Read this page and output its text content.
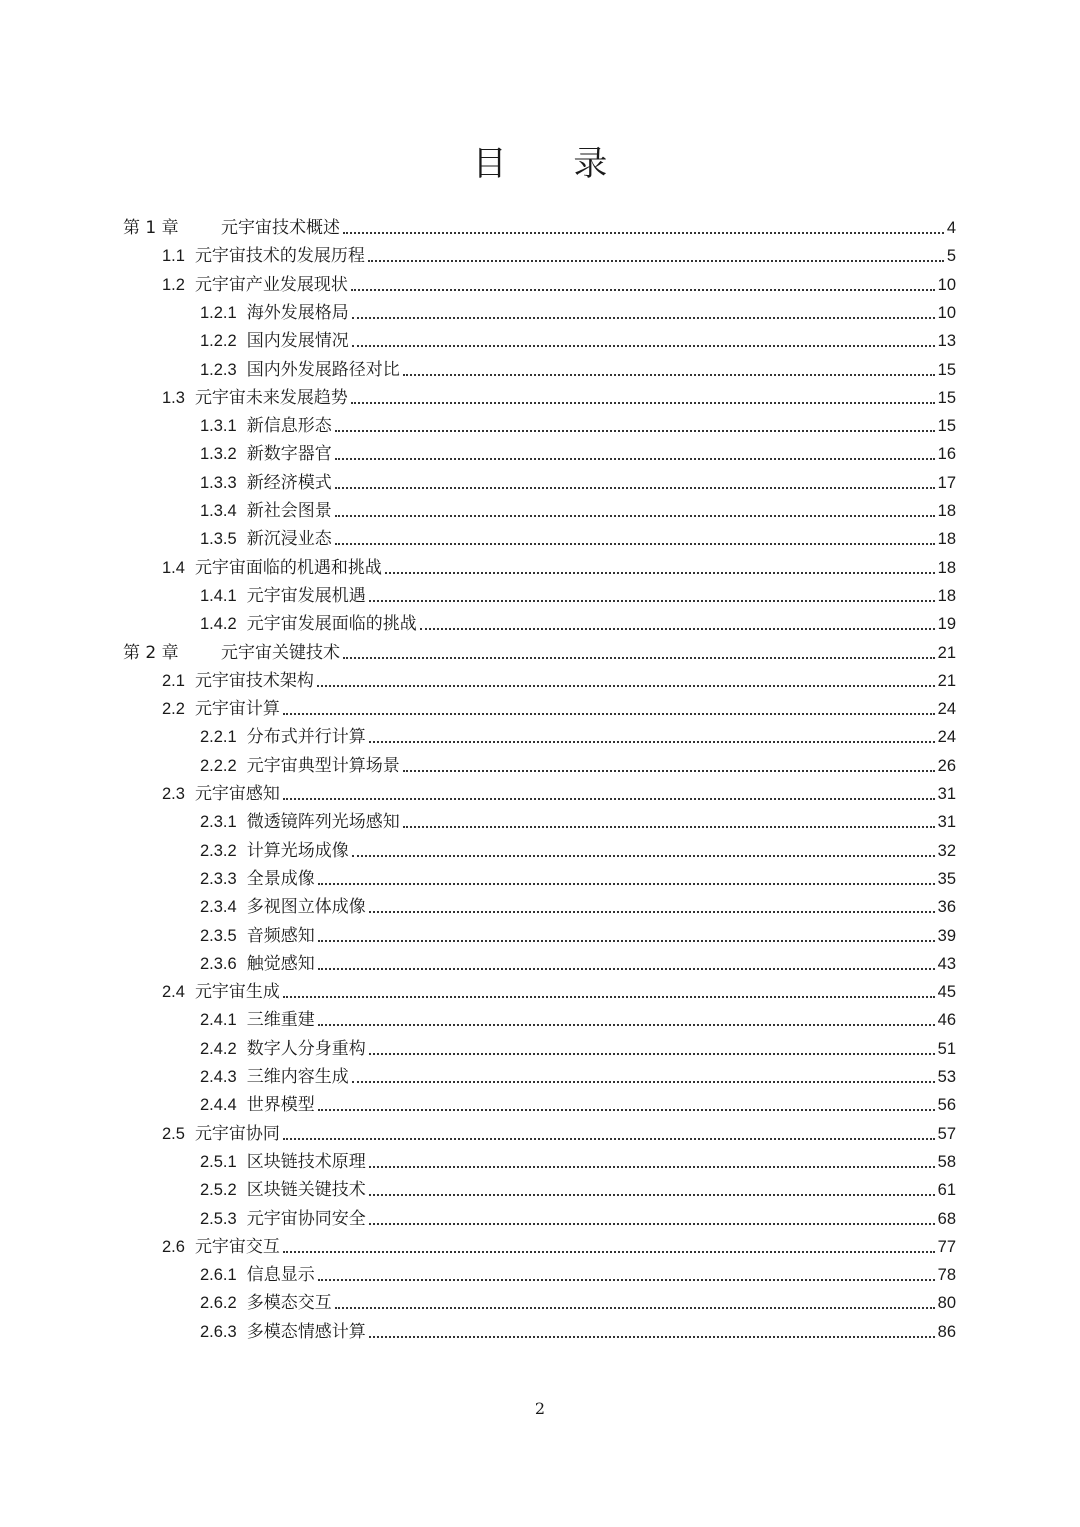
目 录
第 1 章	元宇宙技术概述	4
1.1 元宇宙技术的发展历程	5
1.2 元宇宙产业发展现状	10
1.2.1 海外发展格局	10
1.2.2 国内发展情况	13
1.2.3 国内外发展路径对比	15
1.3 元宇宙未来发展趋势	15
1.3.1 新信息形态	15
1.3.2 新数字器官	16
1.3.3 新经济模式	17
1.3.4 新社会图景	18
1.3.5 新沉浸业态	18
1.4 元宇宙面临的机遇和挑战	18
1.4.1 元宇宙发展机遇	18
1.4.2 元宇宙发展面临的挑战	19
第 2 章	元宇宙关键技术	21
2.1 元宇宙技术架构	21
2.2 元宇宙计算	24
2.2.1 分布式并行计算	24
2.2.2 元宇宙典型计算场景	26
2.3 元宇宙感知	31
2.3.1 微透镜阵列光场感知	31
2.3.2 计算光场成像	32
2.3.3 全景成像	35
2.3.4 多视图立体成像	36
2.3.5 音频感知	39
2.3.6 触觉感知	43
2.4 元宇宙生成	45
2.4.1 三维重建	46
2.4.2 数字人分身重构	51
2.4.3 三维内容生成	53
2.4.4 世界模型	56
2.5 元宇宙协同	57
2.5.1 区块链技术原理	58
2.5.2 区块链关键技术	61
2.5.3 元宇宙协同安全	68
2.6 元宇宙交互	77
2.6.1 信息显示	78
2.6.2 多模态交互	80
2.6.3 多模态情感计算	86
2
